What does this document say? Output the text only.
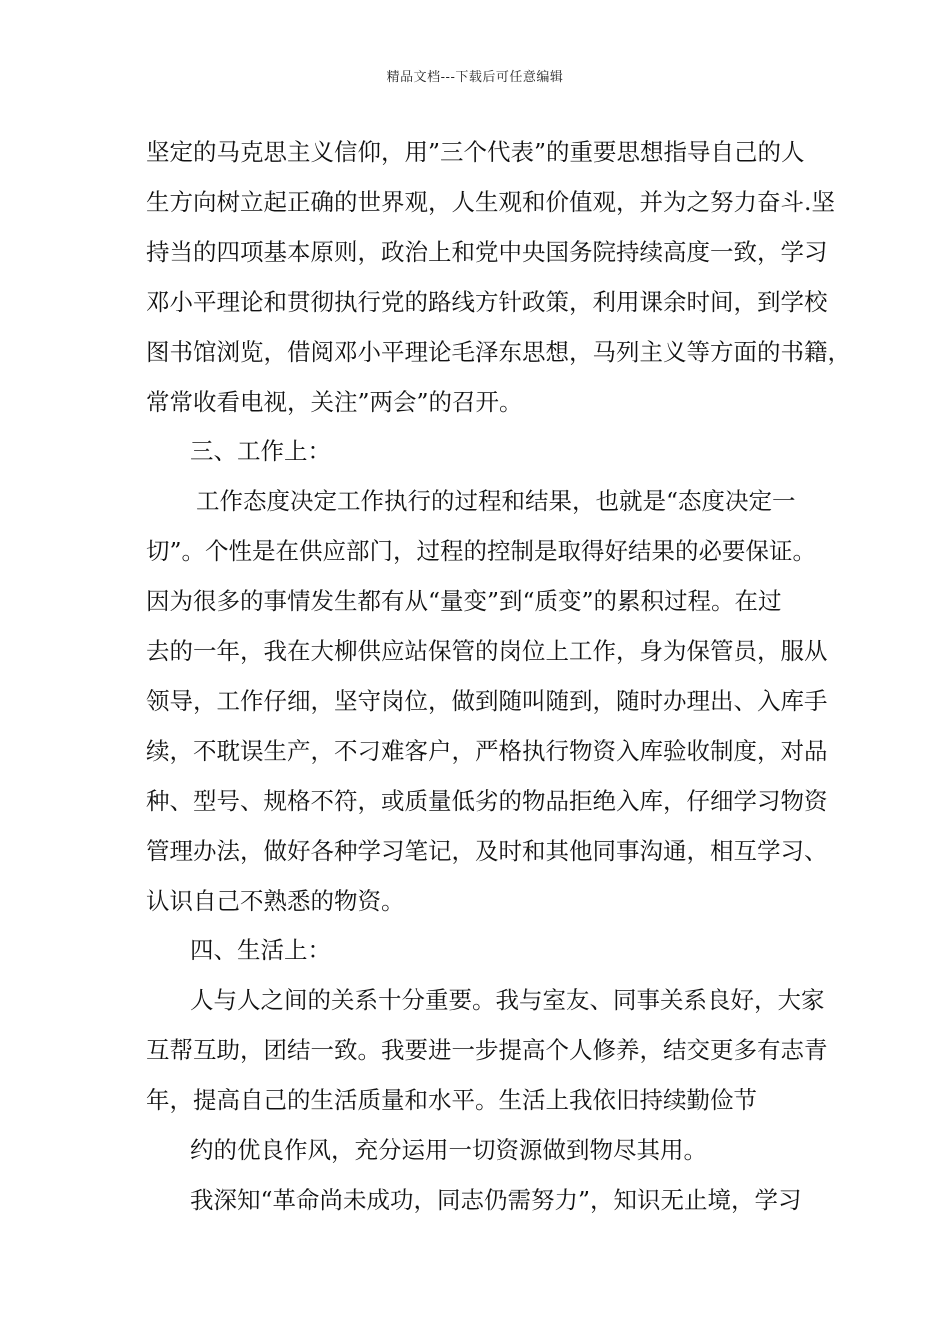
精品文档---下载后可任意编辑
坚定的马克思主义信仰，用”三个代表”的重要思想指导自己的人
生方向树立起正确的世界观，人生观和价值观，并为之努力奋斗.坚
持当的四项基本原则，政治上和党中央国务院持续高度一致，学习
邓小平理论和贯彻执行党的路线方针政策，利用课余时间，到学校
图书馆浏览，借阅邓小平理论毛泽东思想，马列主义等方面的书籍，
常常收看电视，关注”两会”的召开。
三、工作上：
工作态度决定工作执行的过程和结果，也就是“态度决定一
切”。个性是在供应部门，过程的控制是取得好结果的必要保证。
因为很多的事情发生都有从“量变”到“质变”的累积过程。在过
去的一年，我在大柳供应站保管的岗位上工作，身为保管员，服从
领导，工作仔细，坚守岗位，做到随叫随到，随时办理出、入库手
续，不耽误生产，不刁难客户，严格执行物资入库验收制度，对品
种、型号、规格不符，或质量低劣的物品拒绝入库，仔细学习物资
管理办法，做好各种学习笔记，及时和其他同事沟通，相互学习、
认识自己不熟悉的物资。
四、生活上：
人与人之间的关系十分重要。我与室友、同事关系良好，大家
互帮互助，团结一致。我要进一步提高个人修养，结交更多有志青
年，提高自己的生活质量和水平。生活上我依旧持续勤俭节
约的优良作风，充分运用一切资源做到物尽其用。
我深知“革命尚未成功，同志仍需努力”，知识无止境，学习
